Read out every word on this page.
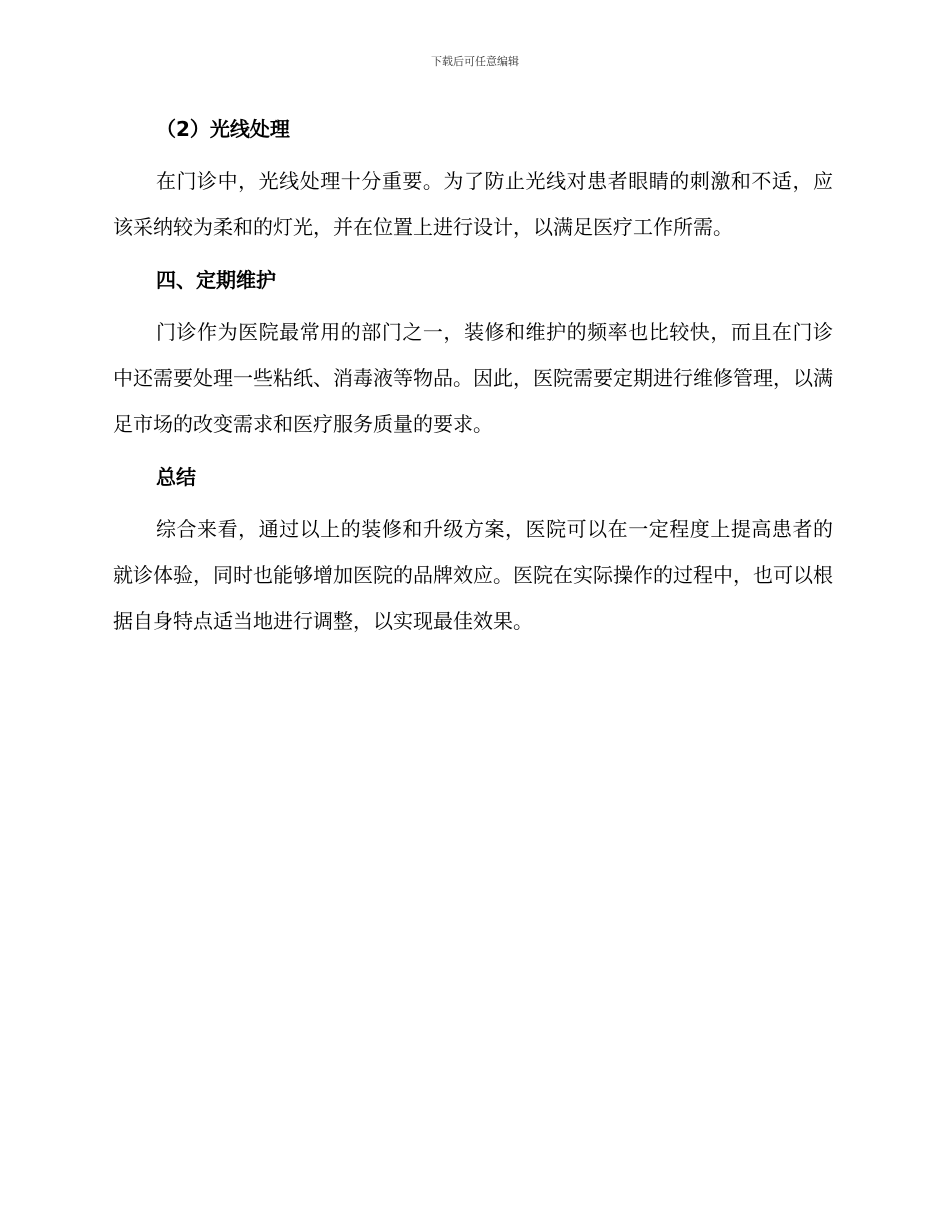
下载后可任意编辑
（2）光线处理

在门诊中，光线处理十分重要。为了防止光线对患者眼睛的刺激和不适，应该采纳较为柔和的灯光，并在位置上进行设计，以满足医疗工作所需。

四、定期维护

门诊作为医院最常用的部门之一，装修和维护的频率也比较快，而且在门诊中还需要处理一些粘纸、消毒液等物品。因此，医院需要定期进行维修管理，以满足市场的改变需求和医疗服务质量的要求。

总结

综合来看，通过以上的装修和升级方案，医院可以在一定程度上提高患者的就诊体验，同时也能够增加医院的品牌效应。医院在实际操作的过程中，也可以根据自身特点适当地进行调整，以实现最佳效果。
